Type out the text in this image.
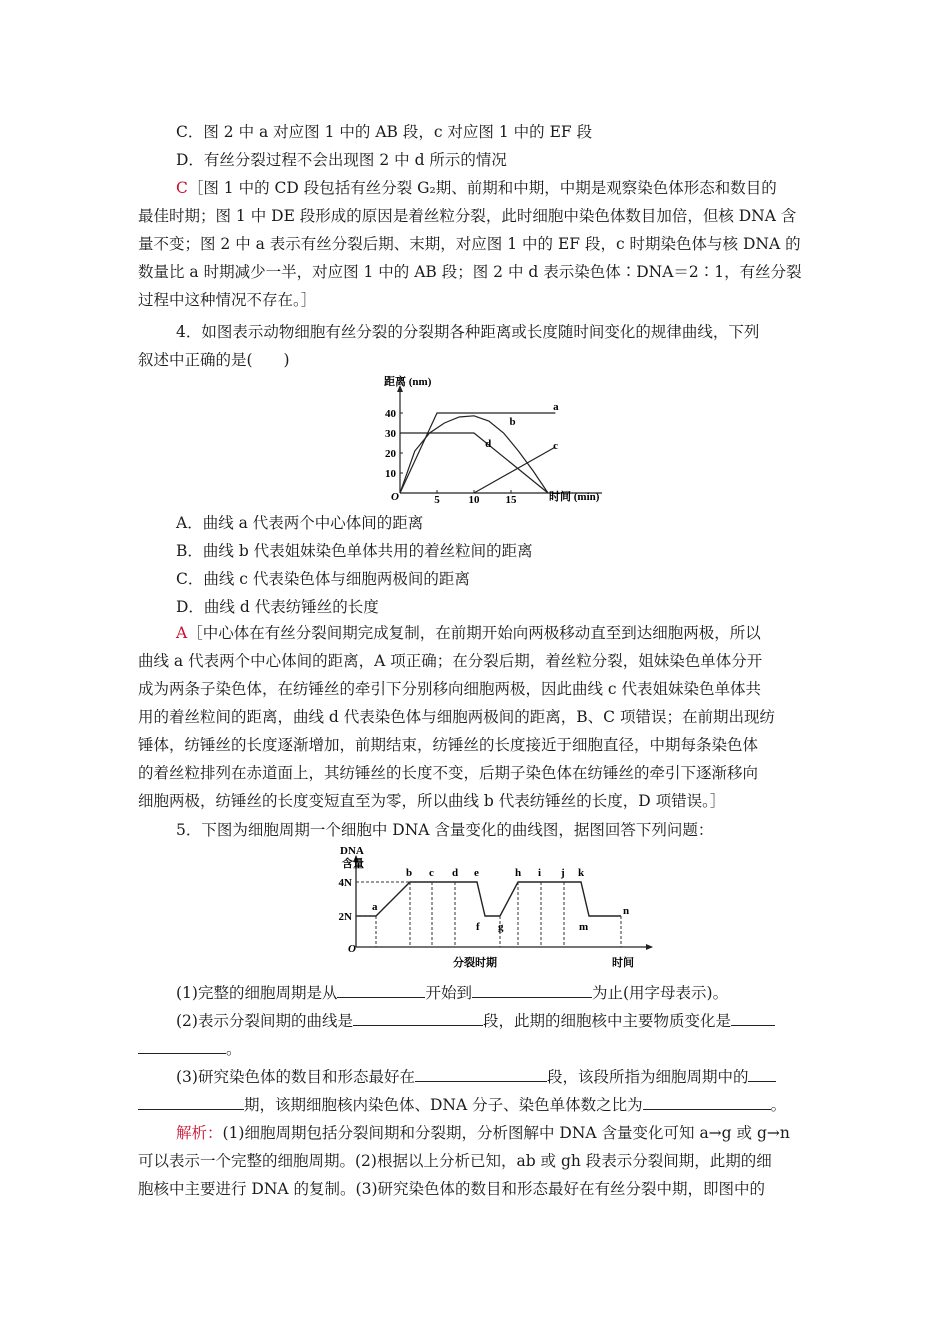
C．图 2 中 a 对应图 1 中的 AB 段，c 对应图 1 中的 EF 段
D．有丝分裂过程不会出现图 2 中 d 所示的情况
C［图 1 中的 CD 段包括有丝分裂 G₂期、前期和中期，中期是观察染色体形态和数目的
最佳时期；图 1 中 DE 段形成的原因是着丝粒分裂，此时细胞中染色体数目加倍，但核 DNA 含
量不变；图 2 中 a 表示有丝分裂后期、末期，对应图 1 中的 EF 段，c 时期染色体与核 DNA 的
数量比 a 时期减少一半，对应图 1 中的 AB 段；图 2 中 d 表示染色体∶DNA＝2∶1，有丝分裂
过程中这种情况不存在。］
4．如图表示动物细胞有丝分裂的分裂期各种距离或长度随时间变化的规律曲线，下列
叙述中正确的是(　　)
距离 (nm)
时间 (min)
O
10
20
30
40
5	10 15
a
b
c
d
A．曲线 a 代表两个中心体间的距离
B．曲线 b 代表姐妹染色单体共用的着丝粒间的距离
C．曲线 c 代表染色体与细胞两极间的距离
D．曲线 d 代表纺锤丝的长度
A［中心体在有丝分裂间期完成复制，在前期开始向两极移动直至到达细胞两极，所以
曲线 a 代表两个中心体间的距离，A 项正确；在分裂后期，着丝粒分裂，姐妹染色单体分开
成为两条子染色体，在纺锤丝的牵引下分别移向细胞两极，因此曲线 c 代表姐妹染色单体共
用的着丝粒间的距离，曲线 d 代表染色体与细胞两极间的距离，B、C 项错误；在前期出现纺
锤体，纺锤丝的长度逐渐增加，前期结束，纺锤丝的长度接近于细胞直径，中期每条染色体
的着丝粒排列在赤道面上，其纺锤丝的长度不变，后期子染色体在纺锤丝的牵引下逐渐移向
细胞两极，纺锤丝的长度变短直至为零，所以曲线 b 代表纺锤丝的长度，D 项错误。］
5．下图为细胞周期一个细胞中 DNA 含量变化的曲线图，据图回答下列问题：
DNA
含量
O
4N
2N
分裂时期	时间
a
b c d e
f g
h i j k
m
n
(1)完整的细胞周期是从	开始到	为止(用字母表示)。
(2)表示分裂间期的曲线是	段，此期的细胞核中主要物质变化是
。
(3)研究染色体的数目和形态最好在	段，该段所指为细胞周期中的
期，该期细胞核内染色体、DNA 分子、染色单体数之比为	。
解析：(1)细胞周期包括分裂间期和分裂期，分析图解中 DNA 含量变化可知 a→g 或 g→n
可以表示一个完整的细胞周期。(2)根据以上分析已知，ab 或 gh 段表示分裂间期，此期的细
胞核中主要进行 DNA 的复制。(3)研究染色体的数目和形态最好在有丝分裂中期，即图中的
